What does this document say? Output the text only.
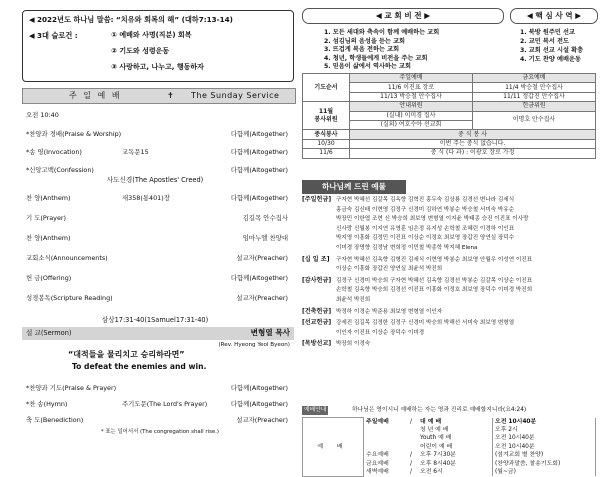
◀ 2022년도 하나님 말씀: “치유와 회복의 해” (대하7:13-14)
◀ 3대 슬로건 :	① 예배와 사명(직분) 회복
② 기도와 성령운동
③ 사랑하고, 나누고, 행동하자
주 일 예 배	✝ The Sunday Service
오전 10:40
*찬양과 경배(Praise & Worship)	다함께(Altogether)
*송 영(Invocation)	교독문15	다함께(Altogether)
*신앙고백(Confession)	다함께(Altogether)
사도신경(The Apostles' Creed)
찬 양(Anthem)	새358(통401)장	다함께(Altogether)
기 도(Prayer)	김길목 안수집사
찬 양(Anthem)	임마누엘 찬양대
교회소식(Announcements)	설교자(Preacher)
헌 금(Offering)	다함께(Altogether)
성경봉독(Scripture Reading)	설교자(Preacher)
삼상17:31-40(1Samuel17:31-40)
설 교(Sermon)	변형열 목사
(Rev. Hyeong Yeol Byeon)
“대적들을 물리치고 승리하라면”
To defeat the enemies and win.
*찬양과 기도(Praise & Prayer)	다함께(Altogether)
*찬 송(Hymn)	주기도문(The Lord's Prayer)	다함께(Altogether)
축 도(Benediction)	설교자(Preacher)
* 표는 일어서서 (The congregation shall rise.)
◀ 교 회 비 전 ▶	◀ 핵 심 사 역 ▶
1. 모든 세대와 축속이 함께 예배하는 교회
2. 섬김님의 음성을 듣는 교회
3. 뜨겁게 복음 전하는 교회
4. 청년, 학생들에게 비전을 주는 교회
5. 믿음이 삶에서 역사하는 교회
1. 북방 원주민 선교
2. 교민 복서 전도
3. 교회 선교 시설 확충
4. 기도 찬양 예배운동
기도순서	주일예배	금요예배
	11/6 이진표 장로	11/4 박승철 안수집사
	11/13 박승철 안수집사	11/11 정갑진 안수집사

11월
봉사위원	안내위원	헌금위원
	(실내) 이미경 집사	이명호 안수집사
	(실외) 여호수아 선교회	
중식봉사	중 식 봉 사	
10/30	이번 주는 중식 없습니다.	
11/6	중 식 (다 과) : 이광호 장로 가정	
하나님께 드린 예물
[주일헌금] 구자현 박혜선 김갈목 김옥향 김혁진 홍두숙 김상룡 김경선 변나라 김세식
홍금숙 김신태 이현영 김정구 신경미 김하연 박봉순 박승철 서미숙 박유순
박장민 이한엽 조현 신 박승희 최보영 변형열 이지윤 박태종 승진 이진표 이사랑
신사랑 신월봉 이지연 유영훈 임은정 유지성 손학철 조혜린 이경하 이인표
박지영 이흥화 김정민 이진표 이상순 이정호 최보영 장갑진 양연실 장덕수
이미경 장명향 김정남 변희정 이민철 박종학 박지혜 Elena
[십 일 조] 구자현 박혜선 김옥향 김형진 김세식 이현영 박봉순 최보영 안월우 이성연 이진표
이상순 이흥화 장갑진 양연실 최윤석 박진희
[감사헌금] 김정구 신경미 박승희 구자현 박혜선 김옥향 김경선 박봉순 김갈목 이상순 이진표
손학철 김옥향 박승희 김경선 이진표 이흥화 이정호 최보영 장덕수 이미경 박진희
최윤석 박진희
[건축헌금] 박정하 이경순 박준용 최보영 변형열 이인자
[선교헌금] 강세진 김길목 김정한 김정구 신경미 박승희 박해선 서미숙 최보영 변형열
이인자 이진표 이상순 장덕수 이미경
[목방선교] 박장희 이경숙
예배안내	하나님은 영이시니 예배하는 자는 영과 진리로 예배할지니라(요4:24)
예 배	주일예배	/	대 예 배	오전 10시40분
			청 년 예 배	오후 2시
			Youth 예 배	오전 10시40분
			어린이 예 배	오전 10시40분
	수요예배	/	오후 7시30분	(섬겨교회 별 찬양)
	금요예배	/	오후 8시40분	(찬양과말씀, 찰송기도회)
	새벽예배	/	오전 6시	(월~금)
